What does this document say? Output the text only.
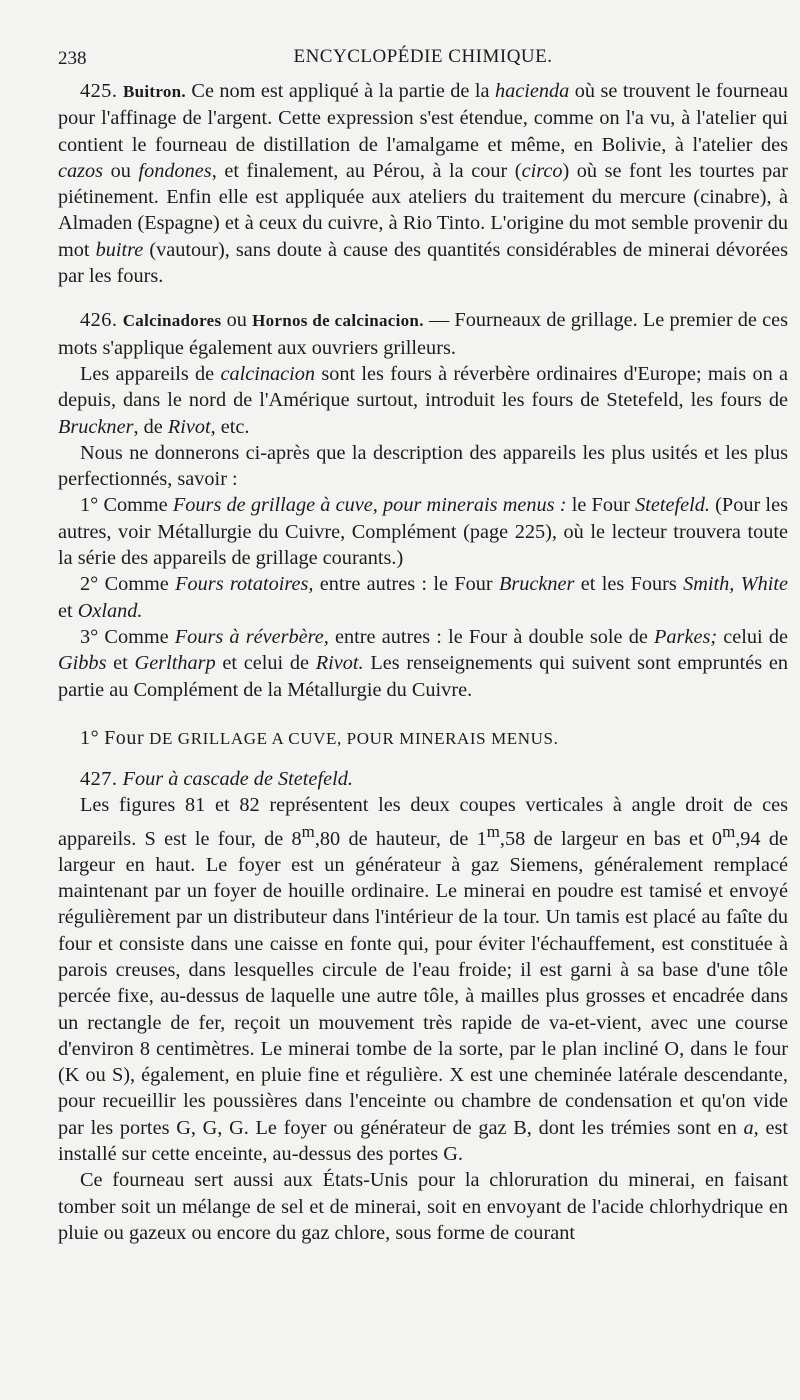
238	ENCYCLOPÉDIE CHIMIQUE.

425. Buitron. Ce nom est appliqué à la partie de la hacienda où se trouvent le fourneau pour l'affinage de l'argent. Cette expression s'est étendue, comme on l'a vu, à l'atelier qui contient le fourneau de distillation de l'amalgame et même, en Bolivie, à l'atelier des cazos ou fondones, et finalement, au Pérou, à la cour (circo) où se font les tourtes par piétinement. Enfin elle est appliquée aux ateliers du traitement du mercure (cinabre), à Almaden (Espagne) et à ceux du cuivre, à Rio Tinto. L'origine du mot semble provenir du mot buitre (vautour), sans doute à cause des quantités considérables de minerai dévorées par les fours.

426. Calcinadores ou Hornos de calcinacion. — Fourneaux de grillage. Le premier de ces mots s'applique également aux ouvriers grilleurs.

Les appareils de calcinacion sont les fours à réverbère ordinaires d'Europe; mais on a depuis, dans le nord de l'Amérique surtout, introduit les fours de Stetefeld, les fours de Bruckner, de Rivot, etc.

Nous ne donnerons ci-après que la description des appareils les plus usités et les plus perfectionnés, savoir :

1° Comme Fours de grillage à cuve, pour minerais menus : le Four Stetefeld. (Pour les autres, voir Métallurgie du Cuivre, Complément (page 225), où le lecteur trouvera toute la série des appareils de grillage courants.)

2° Comme Fours rotatoires, entre autres : le Four Bruckner et les Fours Smith, White et Oxland.

3° Comme Fours à réverbère, entre autres : le Four à double sole de Parkes; celui de Gibbs et Gerltharp et celui de Rivot. Les renseignements qui suivent sont empruntés en partie au Complément de la Métallurgie du Cuivre.

1° Four DE GRILLAGE A CUVE, POUR MINERAIS MENUS.

427. Four à cascade de Stetefeld.

Les figures 81 et 82 représentent les deux coupes verticales à angle droit de ces appareils. S est le four, de 8$^m$,80 de hauteur, de 1$^m$,58 de largeur en bas et 0$^m$,94 de largeur en haut. Le foyer est un générateur à gaz Siemens, généralement remplacé maintenant par un foyer de houille ordinaire. Le minerai en poudre est tamisé et envoyé régulièrement par un distributeur dans l'intérieur de la tour. Un tamis est placé au faîte du four et consiste dans une caisse en fonte qui, pour éviter l'échauffement, est constituée à parois creuses, dans lesquelles circule de l'eau froide; il est garni à sa base d'une tôle percée fixe, au-dessus de laquelle une autre tôle, à mailles plus grosses et encadrée dans un rectangle de fer, reçoit un mouvement très rapide de va-et-vient, avec une course d'environ 8 centimètres. Le minerai tombe de la sorte, par le plan incliné O, dans le four (K ou S), également, en pluie fine et régulière. X est une cheminée latérale descendante, pour recueillir les poussières dans l'enceinte ou chambre de condensation et qu'on vide par les portes G, G, G. Le foyer ou générateur de gaz B, dont les trémies sont en a, est installé sur cette enceinte, au-dessus des portes G.

Ce fourneau sert aussi aux États-Unis pour la chloruration du minerai, en faisant tomber soit un mélange de sel et de minerai, soit en envoyant de l'acide chlorhydrique en pluie ou gazeux ou encore du gaz chlore, sous forme de courant
